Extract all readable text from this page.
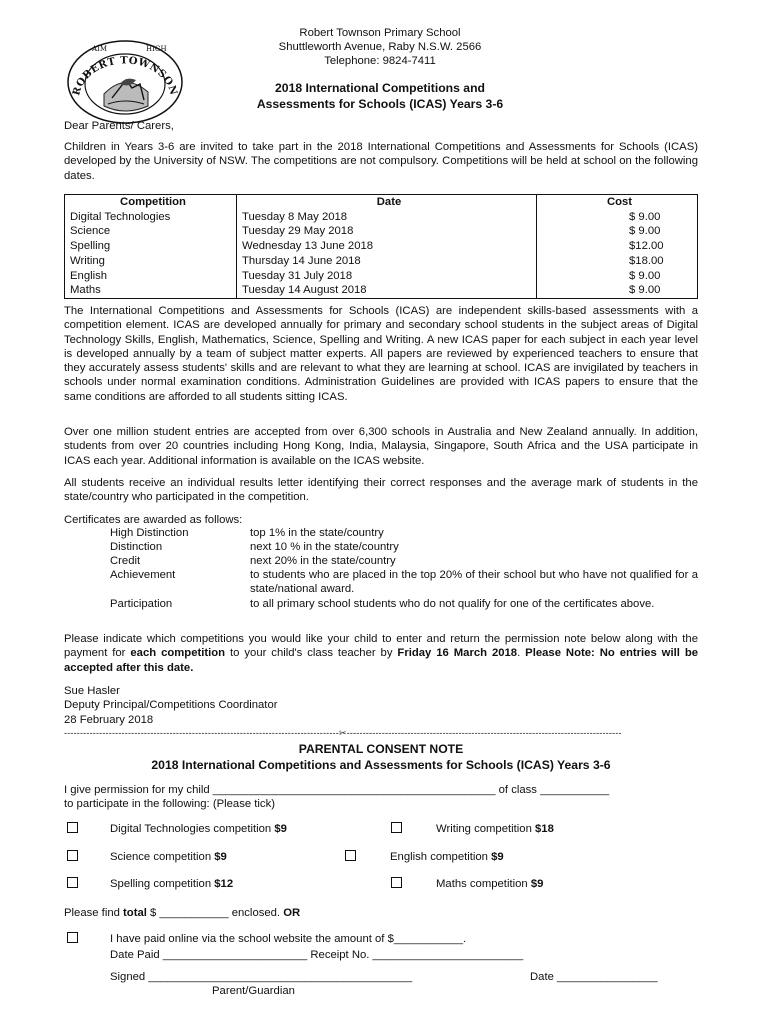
AIM	HIGH
ROBERT TOWNSON
Robert Townson Primary School
Shuttleworth Avenue, Raby N.S.W. 2566
Telephone: 9824-7411
2018 International Competitions and
Assessments for Schools (ICAS) Years 3-6
Dear Parents/ Carers,
Children in Years 3-6 are invited to take part in the 2018 International Competitions and Assessments for Schools (ICAS) developed by the University of NSW. The competitions are not compulsory. Competitions will be held at school on the following dates.
Competition	Date	Cost
Digital Technologies	Tuesday 8 May 2018	$ 9.00
Science	Tuesday 29 May 2018	$ 9.00
Spelling	Wednesday 13 June 2018	$12.00
Writing	Thursday 14 June 2018	$18.00
English	Tuesday 31 July 2018	$ 9.00
Maths	Tuesday 14 August 2018	$ 9.00
The International Competitions and Assessments for Schools (ICAS) are independent skills-based assessments with a competition element. ICAS are developed annually for primary and secondary school students in the subject areas of Digital Technology Skills, English, Mathematics, Science, Spelling and Writing. A new ICAS paper for each subject in each year level is developed annually by a team of subject matter experts. All papers are reviewed by experienced teachers to ensure that they accurately assess students' skills and are relevant to what they are learning at school. ICAS are invigilated by teachers in schools under normal examination conditions. Administration Guidelines are provided with ICAS papers to ensure that the same conditions are afforded to all students sitting ICAS.
Over one million student entries are accepted from over 6,300 schools in Australia and New Zealand annually. In addition, students from over 20 countries including Hong Kong, India, Malaysia, Singapore, South Africa and the USA participate in ICAS each year. Additional information is available on the ICAS website.
All students receive an individual results letter identifying their correct responses and the average mark of students in the state/country who participated in the competition.
Certificates are awarded as follows:
High Distinction	top 1% in the state/country
Distinction	next 10 % in the state/country
Credit	next 20% in the state/country
Achievement	to students who are placed in the top 20% of their school but who have not qualified for a state/national award.
Participation	to all primary school students who do not qualify for one of the certificates above.
Please indicate which competitions you would like your child to enter and return the permission note below along with the payment for each competition to your child's class teacher by Friday 16 March 2018. Please Note: No entries will be accepted after this date.
Sue Hasler
Deputy Principal/Competitions Coordinator
28 February 2018
--------------------------------------------------------------------------------------✂--------------------------------------------------------------------------------------
PARENTAL CONSENT NOTE
2018 International Competitions and Assessments for Schools (ICAS) Years 3-6
I give permission for my child _____________________________________________ of class ___________
to participate in the following: (Please tick)
Digital Technologies competition $9	Writing competition $18
Science competition $9	English competition $9
Spelling competition $12	Maths competition $9
Please find total $ ___________ enclosed. OR
I have paid online via the school website the amount of $___________.
Date Paid _______________________ Receipt No. ________________________
Signed __________________________________________	Date ________________
Parent/Guardian
